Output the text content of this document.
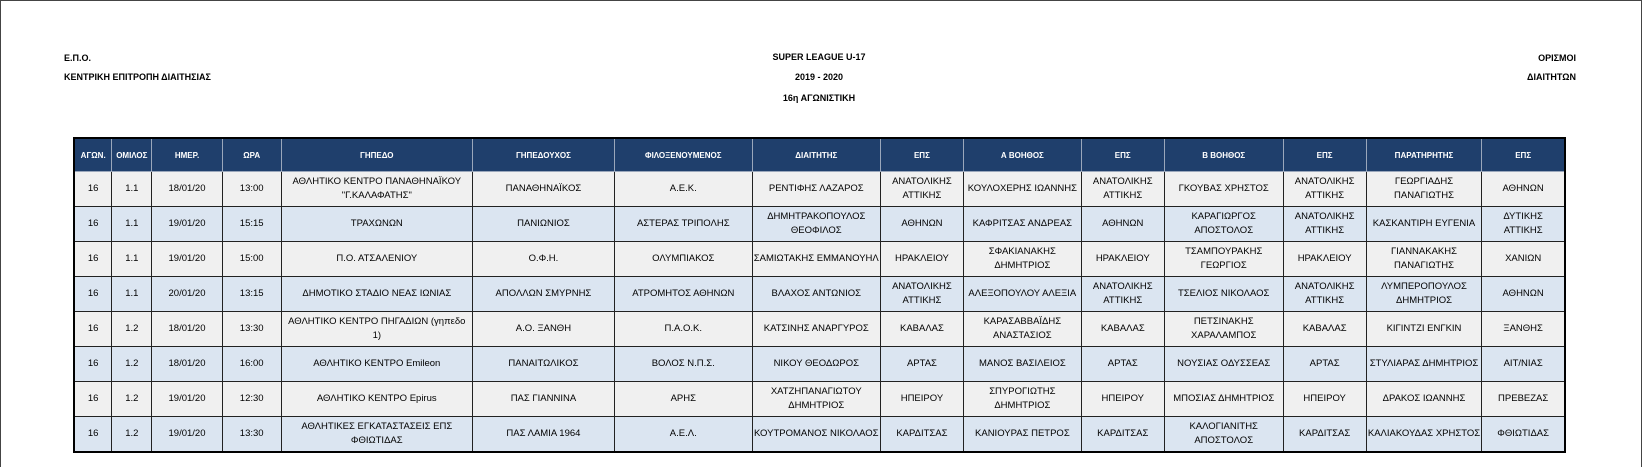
Ε.Π.Ο.
ΚΕΝΤΡΙΚΗ ΕΠΙΤΡΟΠΗ ΔΙΑΙΤΗΣΙΑΣ
SUPER LEAGUE U-17
2019 - 2020
16η ΑΓΩΝΙΣΤΙΚΗ
ΟΡΙΣΜΟΙ
ΔΙΑΙΤΗΤΩΝ
ΑΓΩΝ.	ΟΜΙΛΟΣ	ΗΜΕΡ.	ΩΡΑ	ΓΗΠΕΔΟ	ΓΗΠΕΔΟΥΧΟΣ	ΦΙΛΟΞΕΝΟΥΜΕΝΟΣ	ΔΙΑΙΤΗΤΗΣ	ΕΠΣ	Α ΒΟΗΘΟΣ	ΕΠΣ	Β ΒΟΗΘΟΣ	ΕΠΣ	ΠΑΡΑΤΗΡΗΤΗΣ	ΕΠΣ
16	1.1	18/01/20	13:00	ΑΘΛΗΤΙΚΟ ΚΕΝΤΡΟ ΠΑΝΑΘΗΝΑΪΚΟΥ "Γ.ΚΑΛΑΦΑΤΗΣ"	ΠΑΝΑΘΗΝΑΪΚΟΣ	Α.Ε.Κ.	ΡΕΝΤΙΦΗΣ ΛΑΖΑΡΟΣ	ΑΝΑΤΟΛΙΚΗΣ ΑΤΤΙΚΗΣ	ΚΟΥΛΟΧΕΡΗΣ ΙΩΑΝΝΗΣ	ΑΝΑΤΟΛΙΚΗΣ ΑΤΤΙΚΗΣ	ΓΚΟΥΒΑΣ ΧΡΗΣΤΟΣ	ΑΝΑΤΟΛΙΚΗΣ ΑΤΤΙΚΗΣ	ΓΕΩΡΓΙΑΔΗΣ ΠΑΝΑΓΙΩΤΗΣ	ΑΘΗΝΩΝ
16	1.1	19/01/20	15:15	ΤΡΑΧΩΝΩΝ	ΠΑΝΙΩΝΙΟΣ	ΑΣΤΕΡΑΣ ΤΡΙΠΟΛΗΣ	ΔΗΜΗΤΡΑΚΟΠΟΥΛΟΣ ΘΕΟΦΙΛΟΣ	ΑΘΗΝΩΝ	ΚΑΦΡΙΤΣΑΣ ΑΝΔΡΕΑΣ	ΑΘΗΝΩΝ	ΚΑΡΑΓΙΩΡΓΟΣ ΑΠΟΣΤΟΛΟΣ	ΑΝΑΤΟΛΙΚΗΣ ΑΤΤΙΚΗΣ	ΚΑΣΚΑΝΤΙΡΗ ΕΥΓΕΝΙΑ	ΔΥΤΙΚΗΣ ΑΤΤΙΚΗΣ
16	1.1	19/01/20	15:00	Π.Ο. ΑΤΣΑΛΕΝΙΟΥ	Ο.Φ.Η.	ΟΛΥΜΠΙΑΚΟΣ	ΣΑΜΙΩΤΑΚΗΣ ΕΜΜΑΝΟΥΗΛ	ΗΡΑΚΛΕΙΟΥ	ΣΦΑΚΙΑΝΑΚΗΣ ΔΗΜΗΤΡΙΟΣ	ΗΡΑΚΛΕΙΟΥ	ΤΣΑΜΠΟΥΡΑΚΗΣ ΓΕΩΡΓΙΟΣ	ΗΡΑΚΛΕΙΟΥ	ΓΙΑΝΝΑΚΑΚΗΣ ΠΑΝΑΓΙΩΤΗΣ	ΧΑΝΙΩΝ
16	1.1	20/01/20	13:15	ΔΗΜΟΤΙΚΟ ΣΤΑΔΙΟ ΝΕΑΣ ΙΩΝΙΑΣ	ΑΠΟΛΛΩΝ ΣΜΥΡΝΗΣ	ΑΤΡΟΜΗΤΟΣ ΑΘΗΝΩΝ	ΒΛΑΧΟΣ ΑΝΤΩΝΙΟΣ	ΑΝΑΤΟΛΙΚΗΣ ΑΤΤΙΚΗΣ	ΑΛΕΞΟΠΟΥΛΟΥ ΑΛΕΞΙΑ	ΑΝΑΤΟΛΙΚΗΣ ΑΤΤΙΚΗΣ	ΤΣΕΛΙΟΣ ΝΙΚΟΛΑΟΣ	ΑΝΑΤΟΛΙΚΗΣ ΑΤΤΙΚΗΣ	ΛΥΜΠΕΡΟΠΟΥΛΟΣ ΔΗΜΗΤΡΙΟΣ	ΑΘΗΝΩΝ
16	1.2	18/01/20	13:30	ΑΘΛΗΤΙΚΟ ΚΕΝΤΡΟ ΠΗΓΑΔΙΩΝ (γηπεδο 1)	Α.Ο. ΞΑΝΘΗ	Π.Α.Ο.Κ.	ΚΑΤΣΙΝΗΣ ΑΝΑΡΓΥΡΟΣ	ΚΑΒΑΛΑΣ	ΚΑΡΑΣΑΒΒΑΪΔΗΣ ΑΝΑΣΤΑΣΙΟΣ	ΚΑΒΑΛΑΣ	ΠΕΤΣΙΝΑΚΗΣ ΧΑΡΑΛΑΜΠΟΣ	ΚΑΒΑΛΑΣ	ΚΙΓΙΝΤΖΙ ΕΝΓΚΙΝ	ΞΑΝΘΗΣ
16	1.2	18/01/20	16:00	ΑΘΛΗΤΙΚΟ ΚΕΝΤΡΟ Emileon	ΠΑΝΑΙΤΩΛΙΚΟΣ	ΒΟΛΟΣ Ν.Π.Σ.	ΝΙΚΟΥ ΘΕΟΔΩΡΟΣ	ΑΡΤΑΣ	ΜΑΝΟΣ ΒΑΣΙΛΕΙΟΣ	ΑΡΤΑΣ	ΝΟΥΣΙΑΣ ΟΔΥΣΣΕΑΣ	ΑΡΤΑΣ	ΣΤΥΛΙΑΡΑΣ ΔΗΜΗΤΡΙΟΣ	ΑΙΤ/ΝΙΑΣ
16	1.2	19/01/20	12:30	ΑΘΛΗΤΙΚΟ ΚΕΝΤΡΟ Epirus	ΠΑΣ ΓΙΑΝΝΙΝΑ	ΑΡΗΣ	ΧΑΤΖΗΠΑΝΑΓΙΩΤΟΥ ΔΗΜΗΤΡΙΟΣ	ΗΠΕΙΡΟΥ	ΣΠΥΡΟΓΙΩΤΗΣ ΔΗΜΗΤΡΙΟΣ	ΗΠΕΙΡΟΥ	ΜΠΟΣΙΑΣ ΔΗΜΗΤΡΙΟΣ	ΗΠΕΙΡΟΥ	ΔΡΑΚΟΣ ΙΩΑΝΝΗΣ	ΠΡΕΒΕΖΑΣ
16	1.2	19/01/20	13:30	ΑΘΛΗΤΙΚΕΣ ΕΓΚΑΤΑΣΤΑΣΕΙΣ ΕΠΣ ΦΘΙΩΤΙΔΑΣ	ΠΑΣ ΛΑΜΙΑ 1964	Α.Ε.Λ.	ΚΟΥΤΡΟΜΑΝΟΣ ΝΙΚΟΛΑΟΣ	ΚΑΡΔΙΤΣΑΣ	ΚΑΝΙΟΥΡΑΣ ΠΕΤΡΟΣ	ΚΑΡΔΙΤΣΑΣ	ΚΑΛΟΓΙΑΝΙΤΗΣ ΑΠΟΣΤΟΛΟΣ	ΚΑΡΔΙΤΣΑΣ	ΚΑΛΙΑΚΟΥΔΑΣ ΧΡΗΣΤΟΣ	ΦΘΙΩΤΙΔΑΣ
